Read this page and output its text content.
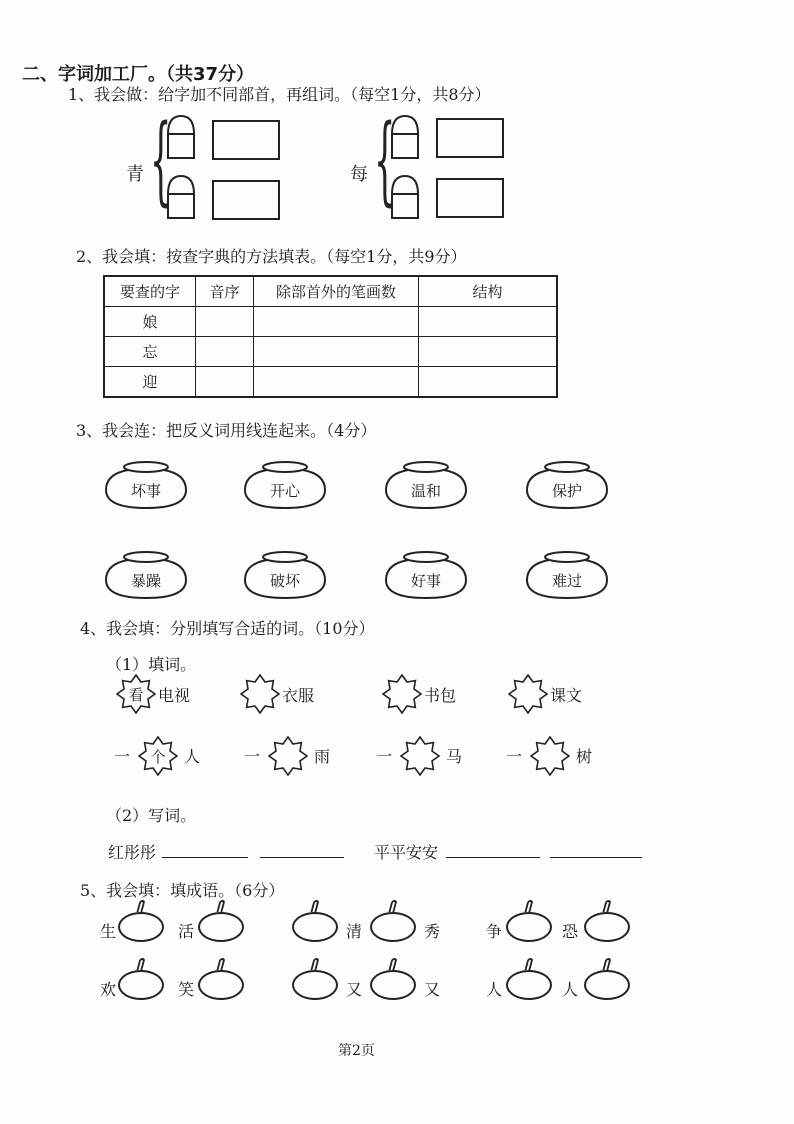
二、字词加工厂。（共37分）
1、我会做：给字加不同部首，再组词。（每空1分，共8分）
青 {	每 {
2、我会填：按查字典的方法填表。（每空1分，共9分）
要查的字	音序	除部首外的笔画数	结构
娘			
忘			
迎			
3、我会连：把反义词用线连起来。（4分）
4、我会填：分别填写合适的词。（10分）
（1）填词。
（2）写词。
红彤彤	平平安安
5、我会填：填成语。（6分）
第2页
坏事	开心	温和	保护
暴躁	破坏	好事	难过
看 电视	衣服	书包	课文
一	个	人	一	雨	一	马	一	树
生	活	清	秀	争	恐
欢	笑	又	又	人	人
